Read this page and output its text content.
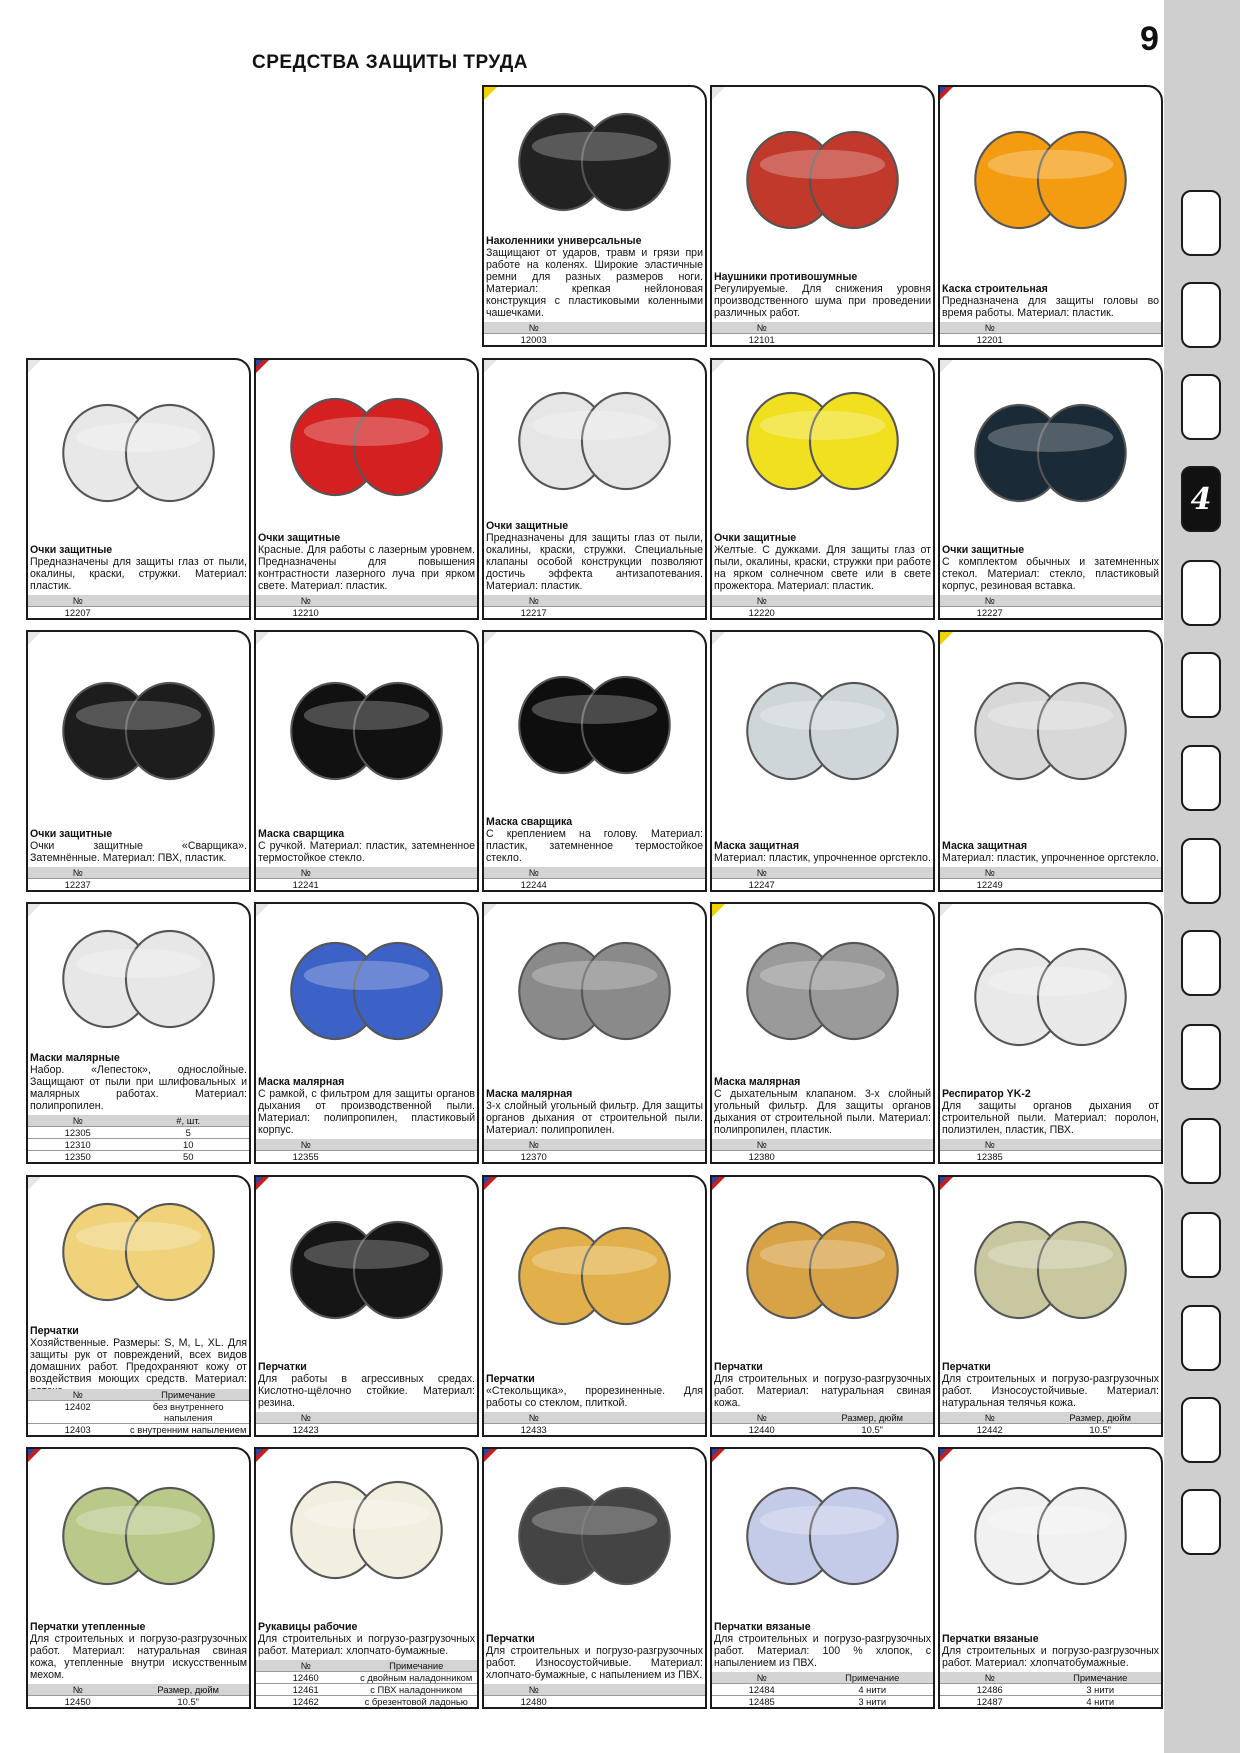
4
СРЕДСТВА ЗАЩИТЫ ТРУДА
9
Наколенники универсальные
Защищают от ударов, травм и грязи при работе на коленях. Широкие эластичные ремни для разных размеров ноги. Материал: крепкая нейлоновая конструкция с пластиковыми коленными чашечками.
№
12003
Наушники противошумные
Регулируемые. Для снижения уровня производственного шума при проведении различных работ.
№
12101
Каска строительная
Предназначена для защиты головы во время работы. Материал: пластик.
№
12201
Очки защитные
Предназначены для защиты глаз от пыли, окалины, краски, стружки. Материал: пластик.
№
12207
Очки защитные
Красные. Для работы с лазерным уровнем. Предназначены для повышения контрастности лазерного луча при ярком свете. Материал: пластик.
№
12210
Очки защитные
Предназначены для защиты глаз от пыли, окалины, краски, стружки. Специальные клапаны особой конструкции позволяют достичь эффекта антизапотевания. Материал: пластик.
№
12217
Очки защитные
Желтые. С дужками. Для защиты глаз от пыли, окалины, краски, стружки при работе на ярком солнечном свете или в свете прожектора. Материал: пластик.
№
12220
Очки защитные
С комплектом обычных и затемненных стекол. Материал: стекло, пластиковый корпус, резиновая вставка.
№
12227
Очки защитные
Очки защитные «Сварщика». Затемнённые. Материал: ПВХ, пластик.
№
12237
Маска сварщика
С ручкой. Материал: пластик, затемненное термостойкое стекло.
№
12241
Маска сварщика
С креплением на голову. Материал: пластик, затемненное термостойкое стекло.
№
12244
Маска защитная
Материал: пластик, упрочненное оргстекло.
№
12247
Маска защитная
Материал: пластик, упрочненное оргстекло.
№
12249
Маски малярные
Набор. «Лепесток», однослойные. Защищают от пыли при шлифовальных и малярных работах. Материал: полипропилен.
№	#, шт.
12305	5
12310	10
12350	50
Маска малярная
С рамкой, с фильтром для защиты органов дыхания от производственной пыли. Материал: полипропилен, пластиковый корпус.
№
12355
Маска малярная
3-х слойный угольный фильтр. Для защиты органов дыхания от строительной пыли. Материал: полипропилен.
№
12370
Маска малярная
С дыхательным клапаном. 3-х слойный угольный фильтр. Для защиты органов дыхания от строительной пыли. Материал: полипропилен, пластик.
№
12380
Респиратор YK-2
Для защиты органов дыхания от строительной пыли. Материал: поролон, полиэтилен, пластик, ПВХ.
№
12385
Перчатки
Хозяйственные. Размеры: S, M, L, XL. Для защиты рук от повреждений, всех видов домашних работ. Предохраняют кожу от воздействия моющих средств. Материал:
№	Примечание
12402	без внутреннего напыления
12403	с внутренним напылением
Перчатки
Для работы в агрессивных средах. Кислотно-щёлочно стойкие. Материал: резина.
№
12423
Перчатки
«Стекольщика», прорезиненные. Для работы со стеклом, плиткой.
№
12433
Перчатки
Для строительных и погрузо-разгрузочных работ. Материал: натуральная свиная кожа.
№	Размер, дюйм
12440	10.5"
Перчатки
Для строительных и погрузо-разгрузочных работ. Износоустойчивые. Материал: натуральная телячья кожа.
№	Размер, дюйм
12442	10.5"
Перчатки утепленные
Для строительных и погрузо-разгрузочных работ. Материал: натуральная свиная кожа, утепленные внутри искусственным мехом.
№	Размер, дюйм
12450	10.5"
Рукавицы рабочие
Для строительных и погрузо-разгрузочных работ. Материал: хлопчато-бумажные.
№	Примечание
12460	с двойным наладонником
12461	с ПВХ наладонником
12462	с брезентовой ладонью
Перчатки
Для строительных и погрузо-разгрузочных работ. Износоустойчивые. Материал: хлопчато-бумажные, с напылением из ПВХ.
№
12480
Перчатки вязаные
Для строительных и погрузо-разгрузочных работ. Материал: 100 % хлопок, с напылением из ПВХ.
№	Примечание
12484	4 нити
12485	3 нити
Перчатки вязаные
Для строительных и погрузо-разгрузочных работ. Материал: хлопчатобумажные.
№	Примечание
12486	3 нити
12487	4 нити
